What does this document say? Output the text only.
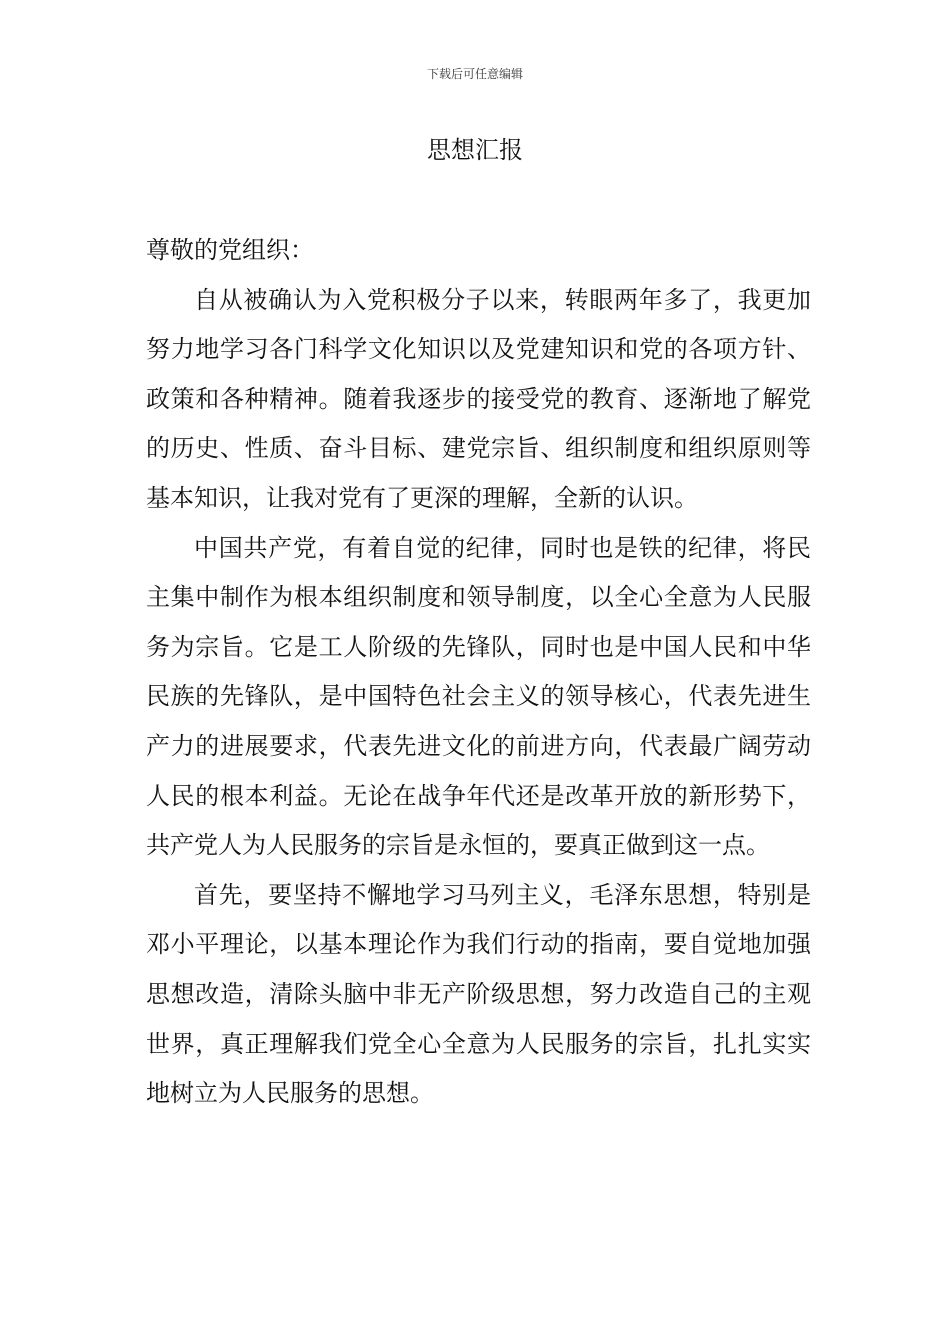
下载后可任意编辑
思想汇报

尊敬的党组织：

自从被确认为入党积极分子以来，转眼两年多了，我更加努力地学习各门科学文化知识以及党建知识和党的各项方针、政策和各种精神。随着我逐步的接受党的教育、逐渐地了解党的历史、性质、奋斗目标、建党宗旨、组织制度和组织原则等基本知识，让我对党有了更深的理解，全新的认识。

中国共产党，有着自觉的纪律，同时也是铁的纪律，将民主集中制作为根本组织制度和领导制度，以全心全意为人民服务为宗旨。它是工人阶级的先锋队，同时也是中国人民和中华民族的先锋队，是中国特色社会主义的领导核心，代表先进生产力的进展要求，代表先进文化的前进方向，代表最广阔劳动人民的根本利益。无论在战争年代还是改革开放的新形势下，共产党人为人民服务的宗旨是永恒的，要真正做到这一点。

首先，要坚持不懈地学习马列主义，毛泽东思想，特别是邓小平理论，以基本理论作为我们行动的指南，要自觉地加强思想改造，清除头脑中非无产阶级思想，努力改造自己的主观世界，真正理解我们党全心全意为人民服务的宗旨，扎扎实实地树立为人民服务的思想。
